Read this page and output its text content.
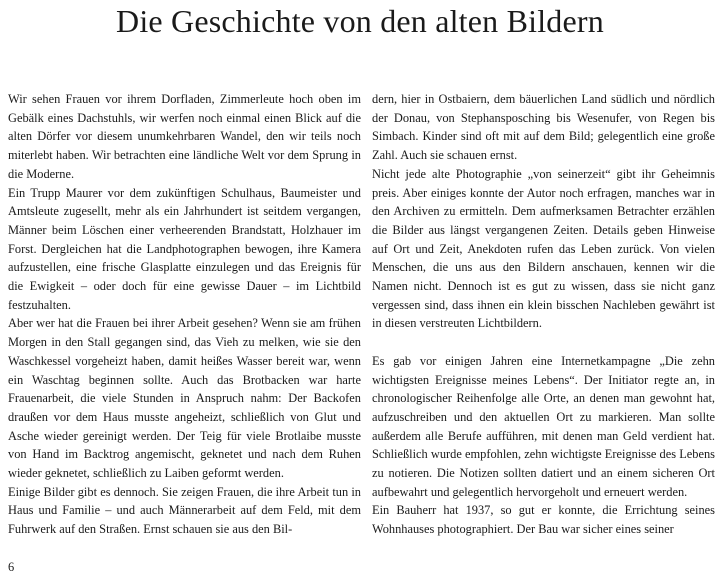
Die Geschichte von den alten Bildern

Wir sehen Frauen vor ihrem Dorfladen, Zimmerleute hoch oben im Gebälk eines Dachstuhls, wir werfen noch einmal einen Blick auf die alten Dörfer vor diesem unumkehrbaren Wandel, den wir teils noch miterlebt haben. Wir betrachten eine ländliche Welt vor dem Sprung in die Moderne.

Ein Trupp Maurer vor dem zukünftigen Schulhaus, Baumeister und Amtsleute zugesellt, mehr als ein Jahrhundert ist seitdem vergangen, Männer beim Löschen einer verheerenden Brandstatt, Holzhauer im Forst. Dergleichen hat die Landphotographen bewogen, ihre Kamera aufzustellen, eine frische Glasplatte einzulegen und das Ereignis für die Ewigkeit – oder doch für eine gewisse Dauer – im Lichtbild festzuhalten.

Aber wer hat die Frauen bei ihrer Arbeit gesehen? Wenn sie am frühen Morgen in den Stall gegangen sind, das Vieh zu melken, wie sie den Waschkessel vorgeheizt haben, damit heißes Wasser bereit war, wenn ein Waschtag beginnen sollte. Auch das Brotbacken war harte Frauenarbeit, die viele Stunden in Anspruch nahm: Der Backofen draußen vor dem Haus musste angeheizt, schließlich von Glut und Asche wieder gereinigt werden. Der Teig für viele Brotlaibe musste von Hand im Backtrog angemischt, geknetet und nach dem Ruhen wieder geknetet, schließlich zu Laiben geformt werden.

Einige Bilder gibt es dennoch. Sie zeigen Frauen, die ihre Arbeit tun in Haus und Familie – und auch Männerarbeit auf dem Feld, mit dem Fuhrwerk auf den Straßen. Ernst schauen sie aus den Bil-

dern, hier in Ostbaiern, dem bäuerlichen Land südlich und nördlich der Donau, von Stephansposching bis Wesenufer, von Regen bis Simbach. Kinder sind oft mit auf dem Bild; gelegentlich eine große Zahl. Auch sie schauen ernst.

Nicht jede alte Photographie „von seinerzeit“ gibt ihr Geheimnis preis. Aber einiges konnte der Autor noch erfragen, manches war in den Archiven zu ermitteln. Dem aufmerksamen Betrachter erzählen die Bilder aus längst vergangenen Zeiten. Details geben Hinweise auf Ort und Zeit, Anekdoten rufen das Leben zurück. Von vielen Menschen, die uns aus den Bildern anschauen, kennen wir die Namen nicht. Dennoch ist es gut zu wissen, dass sie nicht ganz vergessen sind, dass ihnen ein klein bisschen Nachleben gewährt ist in diesen verstreuten Lichtbildern.

Es gab vor einigen Jahren eine Internetkampagne „Die zehn wichtigsten Ereignisse meines Lebens“. Der Initiator regte an, in chronologischer Reihenfolge alle Orte, an denen man gewohnt hat, aufzuschreiben und den aktuellen Ort zu markieren. Man sollte außerdem alle Berufe aufführen, mit denen man Geld verdient hat. Schließlich wurde empfohlen, zehn wichtigste Ereignisse des Lebens zu notieren. Die Notizen sollten datiert und an einem sicheren Ort aufbewahrt und gelegentlich hervorgeholt und erneuert werden.

Ein Bauherr hat 1937, so gut er konnte, die Errichtung seines Wohnhauses photographiert. Der Bau war sicher eines seiner

6
